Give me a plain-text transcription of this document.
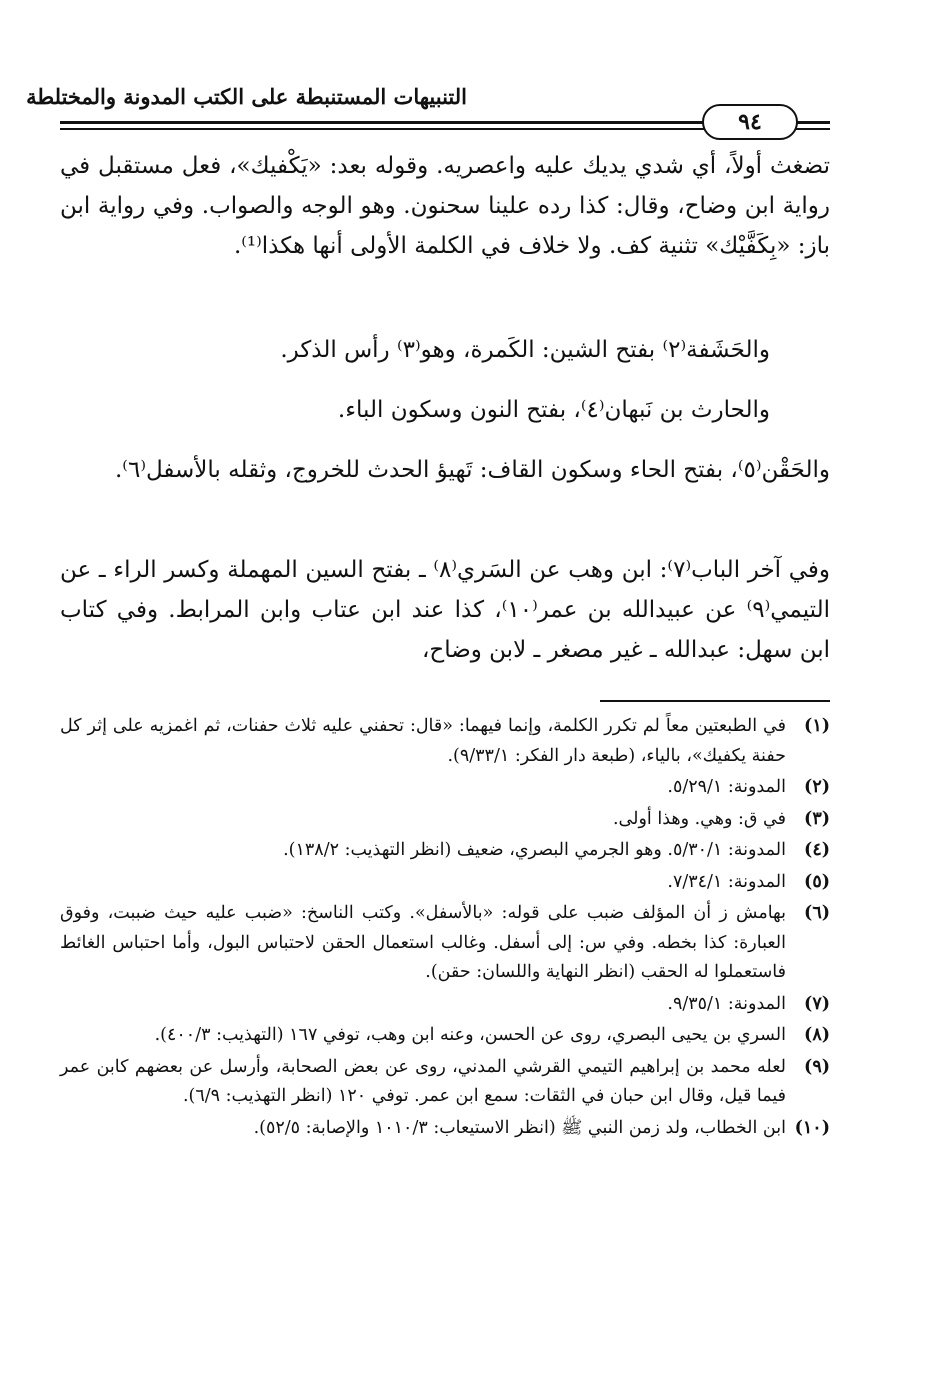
التنبيهات المستنبطة على الكتب المدونة والمختلطة
٩٤

تضغث أولاً، أي شدي يديك عليه واعصريه. وقوله بعد: «يَكْفيك»، فعل مستقبل في رواية ابن وضاح، وقال: كذا رده علينا سحنون. وهو الوجه والصواب. وفي رواية ابن باز: «بِكَفَّيْك» تثنية كف. ولا خلاف في الكلمة الأولى أنها هكذا⁽¹⁾.

والحَشَفة⁽٢⁾ بفتح الشين: الكَمرة، وهو⁽٣⁾ رأس الذكر.

والحارث بن نَبهان⁽٤⁾، بفتح النون وسكون الباء.

والحَقْن⁽٥⁾، بفتح الحاء وسكون القاف: تَهيؤ الحدث للخروج، وثقله بالأسفل⁽٦⁾.

وفي آخر الباب⁽٧⁾: ابن وهب عن السَري⁽٨⁾ ـ بفتح السين المهملة وكسر الراء ـ عن التيمي⁽٩⁾ عن عبيدالله بن عمر⁽١٠⁾، كذا عند ابن عتاب وابن المرابط. وفي كتاب ابن سهل: عبدالله ـ غير مصغر ـ لابن وضاح،

(١)
في الطبعتين معاً لم تكرر الكلمة، وإنما فيهما: «قال: تحفني عليه ثلاث حفنات، ثم اغمزيه على إثر كل حفنة يكفيك»، بالياء، (طبعة دار الفكر: ٩/٣٣/١).
(٢)
المدونة: ٥/٢٩/١.
(٣)
في ق: وهي. وهذا أولى.
(٤)
المدونة: ٥/٣٠/١. وهو الجرمي البصري، ضعيف (انظر التهذيب: ١٣٨/٢).
(٥)
المدونة: ٧/٣٤/١.
(٦)
بهامش ز أن المؤلف ضبب على قوله: «بالأسفل». وكتب الناسخ: «ضبب عليه حيث ضببت، وفوق العبارة: كذا بخطه. وفي س: إلى أسفل. وغالب استعمال الحقن لاحتباس البول، وأما احتباس الغائط فاستعملوا له الحقب (انظر النهاية واللسان: حقن).
(٧)
المدونة: ٩/٣٥/١.
(٨)
السري بن يحيى البصري، روى عن الحسن، وعنه ابن وهب، توفي ١٦٧ (التهذيب: ٤٠٠/٣).
(٩)
لعله محمد بن إبراهيم التيمي القرشي المدني، روى عن بعض الصحابة، وأرسل عن بعضهم كابن عمر فيما قيل، وقال ابن حبان في الثقات: سمع ابن عمر. توفي ١٢٠ (انظر التهذيب: ٦/٩).
(١٠)
ابن الخطاب، ولد زمن النبي ﷺ (انظر الاستيعاب: ١٠١٠/٣ والإصابة: ٥٢/٥).
